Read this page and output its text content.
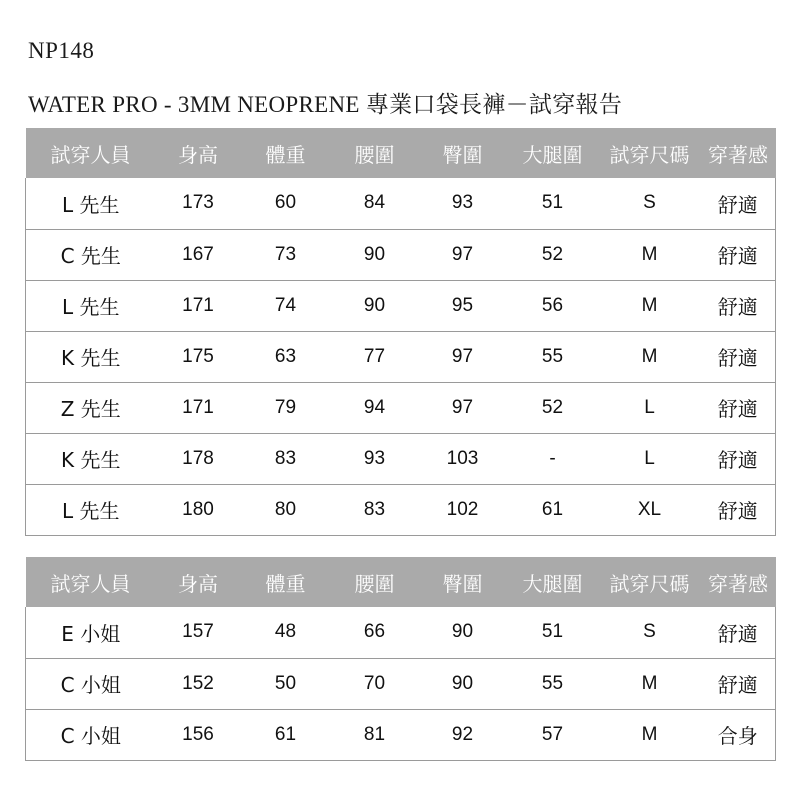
NP148
WATER PRO - 3MM NEOPRENE 專業口袋長褲－試穿報告
試穿人員	身高	體重	腰圍	臀圍	大腿圍	試穿尺碼	穿著感
L 先生	173	60	84	93	51	S	舒適
C 先生	167	73	90	97	52	M	舒適
L 先生	171	74	90	95	56	M	舒適
K 先生	175	63	77	97	55	M	舒適
Z 先生	171	79	94	97	52	L	舒適
K 先生	178	83	93	103	-	L	舒適
L 先生	180	80	83	102	61	XL	舒適
試穿人員	身高	體重	腰圍	臀圍	大腿圍	試穿尺碼	穿著感
E 小姐	157	48	66	90	51	S	舒適
C 小姐	152	50	70	90	55	M	舒適
C 小姐	156	61	81	92	57	M	合身
